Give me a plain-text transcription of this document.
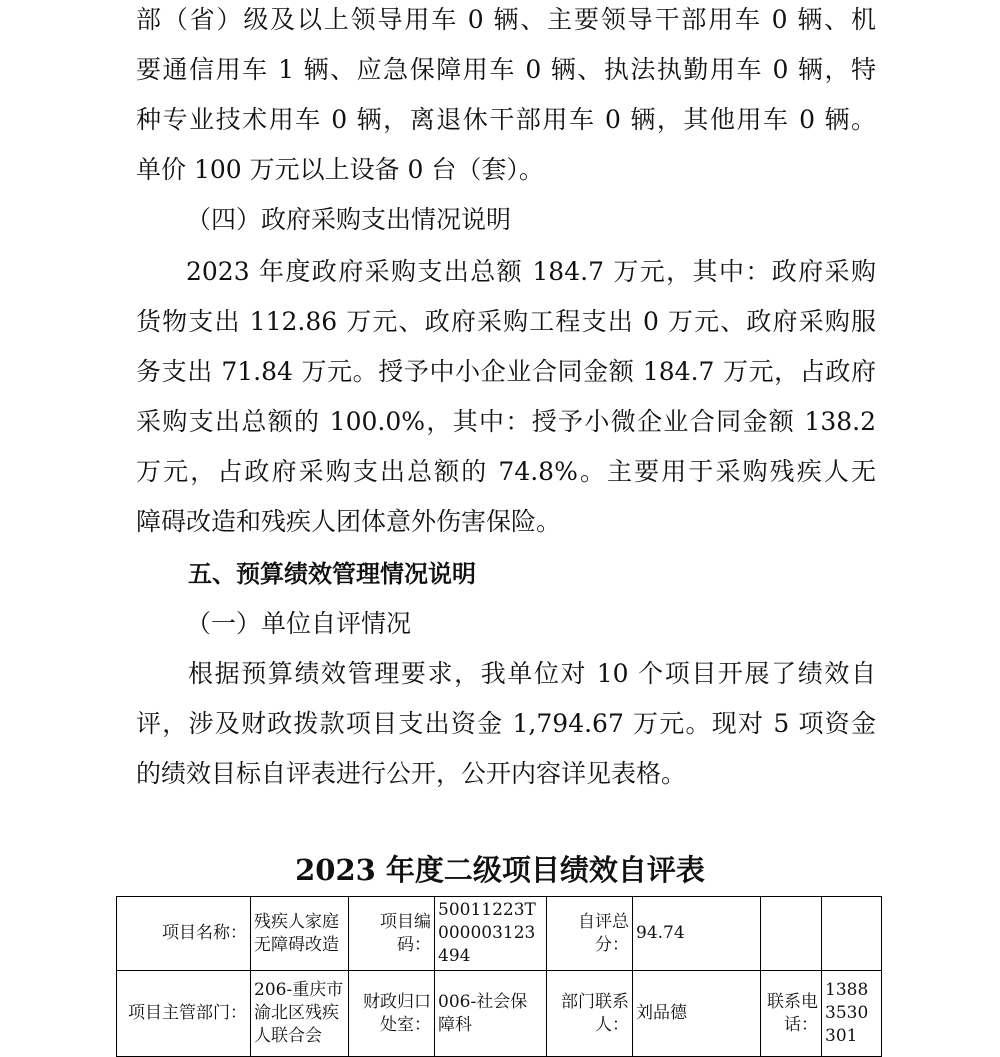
部（省）级及以上领导用车 0 辆、主要领导干部用车 0 辆、机
要通信用车 1 辆、应急保障用车 0 辆、执法执勤用车 0 辆，特
种专业技术用车 0 辆，离退休干部用车 0 辆，其他用车 0 辆。
单价 100 万元以上设备 0 台（套）。
（四）政府采购支出情况说明
2023 年度政府采购支出总额 184.7 万元，其中：政府采购
货物支出 112.86 万元、政府采购工程支出 0 万元、政府采购服
务支出 71.84 万元。授予中小企业合同金额 184.7 万元，占政府
采购支出总额的 100.0%，其中：授予小微企业合同金额 138.2
万元，占政府采购支出总额的 74.8%。主要用于采购残疾人无
障碍改造和残疾人团体意外伤害保险。
五、预算绩效管理情况说明
（一）单位自评情况
根据预算绩效管理要求，我单位对 10 个项目开展了绩效自
评，涉及财政拨款项目支出资金 1,794.67 万元。现对 5 项资金
的绩效目标自评表进行公开，公开内容详见表格。
2023 年度二级项目绩效自评表
项目名称：	残疾人家庭无障碍改造	项目编码：	50011223T000003123494	自评总分：	94.74		
项目主管部门：	206-重庆市渝北区残疾人联合会	财政归口处室：	006-社会保障科	部门联系人：	刘品德	联系电话：	13883530301
